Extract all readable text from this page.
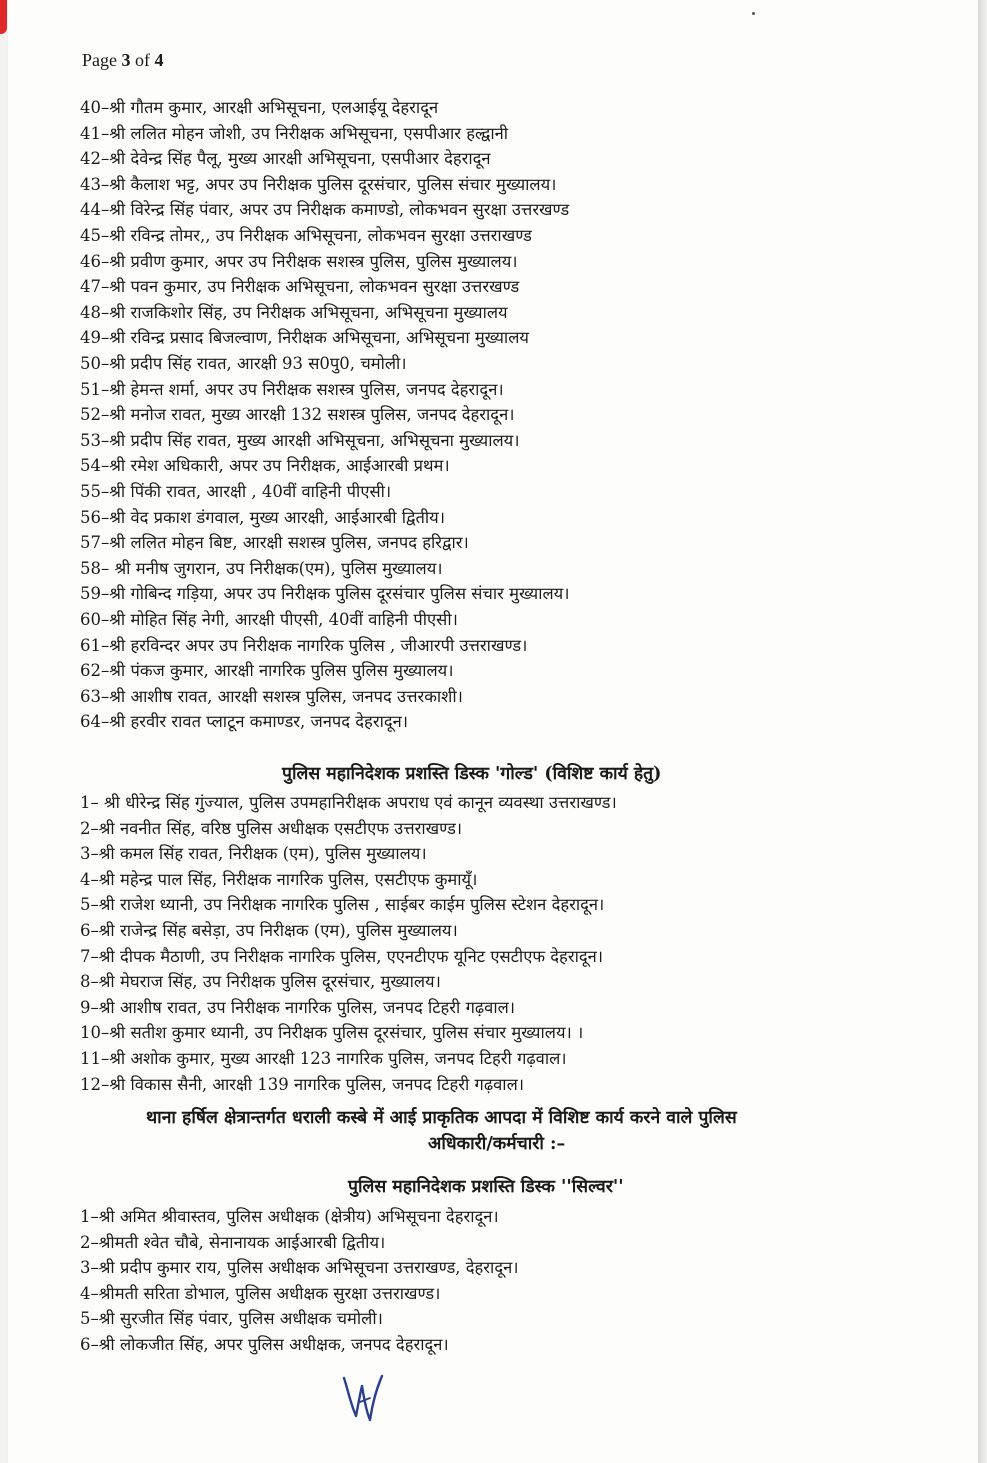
Page 3 of 4
40–श्री गौतम कुमार, आरक्षी अभिसूचना, एलआईयू देहरादून
41–श्री ललित मोहन जोशी, उप निरीक्षक अभिसूचना, एसपीआर हल्द्वानी
42–श्री देवेन्द्र सिंह पैलू, मुख्य आरक्षी अभिसूचना, एसपीआर देहरादून
43–श्री कैलाश भट्ट, अपर उप निरीक्षक पुलिस दूरसंचार, पुलिस संचार मुख्यालय।
44–श्री विरेन्द्र सिंह पंवार, अपर उप निरीक्षक कमाण्डो, लोकभवन सुरक्षा उत्तरखण्ड
45–श्री रविन्द्र तोमर,, उप निरीक्षक अभिसूचना, लोकभवन सुरक्षा उत्तराखण्ड
46–श्री प्रवीण कुमार, अपर उप निरीक्षक सशस्त्र पुलिस, पुलिस मुख्यालय।
47–श्री पवन कुमार, उप निरीक्षक अभिसूचना, लोकभवन सुरक्षा उत्तरखण्ड
48–श्री राजकिशोर सिंह, उप निरीक्षक अभिसूचना, अभिसूचना मुख्यालय
49–श्री रविन्द्र प्रसाद बिजल्वाण, निरीक्षक अभिसूचना, अभिसूचना मुख्यालय
50–श्री प्रदीप सिंह रावत, आरक्षी 93 स0पु0, चमोली।
51–श्री हेमन्त शर्मा, अपर उप निरीक्षक सशस्त्र पुलिस, जनपद देहरादून।
52–श्री मनोज रावत, मुख्य आरक्षी 132 सशस्त्र पुलिस, जनपद देहरादून।
53–श्री प्रदीप सिंह रावत, मुख्य आरक्षी अभिसूचना, अभिसूचना मुख्यालय।
54–श्री रमेश अधिकारी, अपर उप निरीक्षक, आईआरबी प्रथम।
55–श्री पिंकी रावत, आरक्षी , 40वीं वाहिनी पीएसी।
56–श्री वेद प्रकाश डंगवाल, मुख्य आरक्षी, आईआरबी द्वितीय।
57–श्री ललित मोहन बिष्ट, आरक्षी सशस्त्र पुलिस, जनपद हरिद्वार।
58– श्री मनीष जुगरान, उप निरीक्षक(एम), पुलिस मुख्यालय।
59–श्री गोबिन्द गड़िया, अपर उप निरीक्षक पुलिस दूरसंचार पुलिस संचार मुख्यालय।
60–श्री मोहित सिंह नेगी, आरक्षी पीएसी, 40वीं वाहिनी पीएसी।
61–श्री हरविन्दर अपर उप निरीक्षक नागरिक पुलिस , जीआरपी उत्तराखण्ड।
62–श्री पंकज कुमार, आरक्षी नागरिक पुलिस पुलिस मुख्यालय।
63–श्री आशीष रावत, आरक्षी सशस्त्र पुलिस, जनपद उत्तरकाशी।
64–श्री हरवीर रावत प्लाटून कमाण्डर, जनपद देहरादून।
पुलिस महानिदेशक प्रशस्ति डिस्क 'गोल्ड' (विशिष्ट कार्य हेतु)
1– श्री धीरेन्द्र सिंह गुंज्याल, पुलिस उपमहानिरीक्षक अपराध एवं कानून व्यवस्था उत्तराखण्ड।
2–श्री नवनीत सिंह, वरिष्ठ पुलिस अधीक्षक एसटीएफ उत्तराखण्ड।
3–श्री कमल सिंह रावत, निरीक्षक (एम), पुलिस मुख्यालय।
4–श्री महेन्द्र पाल सिंह, निरीक्षक नागरिक पुलिस, एसटीएफ कुमायूँ।
5–श्री राजेश ध्यानी, उप निरीक्षक नागरिक पुलिस , साईबर काईम पुलिस स्टेशन देहरादून।
6–श्री राजेन्द्र सिंह बसेड़ा, उप निरीक्षक (एम), पुलिस मुख्यालय।
7–श्री दीपक मैठाणी, उप निरीक्षक नागरिक पुलिस, एएनटीएफ यूनिट एसटीएफ देहरादून।
8–श्री मेघराज सिंह, उप निरीक्षक पुलिस दूरसंचार, मुख्यालय।
9–श्री आशीष रावत, उप निरीक्षक नागरिक पुलिस, जनपद टिहरी गढ़वाल।
10–श्री सतीश कुमार ध्यानी, उप निरीक्षक पुलिस दूरसंचार, पुलिस संचार मुख्यालय। ।
11–श्री अशोक कुमार, मुख्य आरक्षी 123 नागरिक पुलिस, जनपद टिहरी गढ़वाल।
12–श्री विकास सैनी, आरक्षी 139 नागरिक पुलिस, जनपद टिहरी गढ़वाल।
थाना हर्षिल क्षेत्रान्तर्गत धराली कस्बे में आई प्राकृतिक आपदा में विशिष्ट कार्य करने वाले पुलिस
अधिकारी/कर्मचारी :–
पुलिस महानिदेशक प्रशस्ति डिस्क ''सिल्वर''
1–श्री अमित श्रीवास्तव, पुलिस अधीक्षक (क्षेत्रीय) अभिसूचना देहरादून।
2–श्रीमती श्वेत चौबे, सेनानायक आईआरबी द्वितीय।
3–श्री प्रदीप कुमार राय, पुलिस अधीक्षक अभिसूचना उत्तराखण्ड, देहरादून।
4–श्रीमती सरिता डोभाल, पुलिस अधीक्षक सुरक्षा उत्तराखण्ड।
5–श्री सुरजीत सिंह पंवार, पुलिस अधीक्षक चमोली।
6–श्री लोकजीत सिंह, अपर पुलिस अधीक्षक, जनपद देहरादून।
